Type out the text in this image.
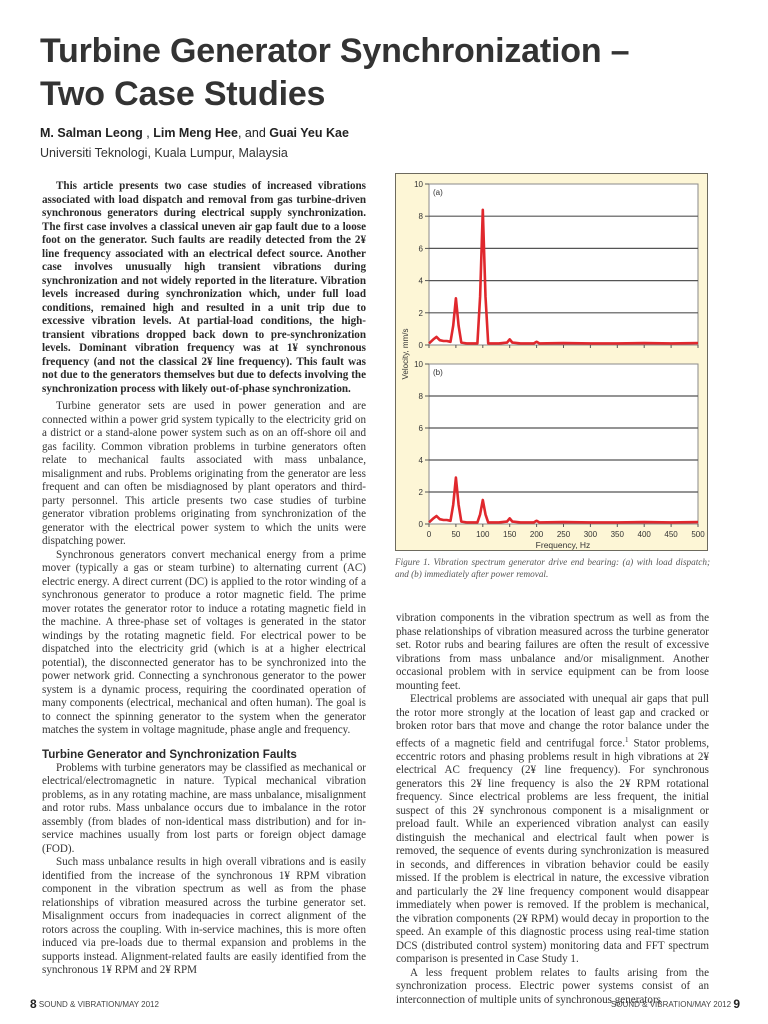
Turbine Generator Synchronization –
Two Case Studies
M. Salman Leong , Lim Meng Hee, and Guai Yeu Kae
Universiti Teknologi, Kuala Lumpur, Malaysia

This article presents two case studies of increased vibrations associated with load dispatch and removal from gas turbine-driven synchronous generators during electrical supply synchronization. The first case involves a classical uneven air gap fault due to a loose foot on the generator. Such faults are readily detected from the 2¥ line frequency associated with an electrical defect source. Another case involves unusually high transient vibrations during synchronization and not widely reported in the literature. Vibration levels increased during synchronization which, under full load conditions, remained high and resulted in a unit trip due to excessive vibration levels. At partial-load conditions, the high-transient vibrations dropped back down to pre-synchronization levels. Dominant vibration frequency was at 1¥ synchronous frequency (and not the classical 2¥ line frequency). This fault was not due to the generators themselves but due to defects involving the synchronization process with likely out-of-phase synchronization.

Turbine generator sets are used in power generation and are connected within a power grid system typically to the electricity grid on a district or a stand-alone power system such as on an off-shore oil and gas facility. Common vibration problems in turbine generators often relate to mechanical faults associated with mass unbalance, misalignment and rubs. Problems originating from the generator are less frequent and can often be misdiagnosed by plant operators and third-party personnel. This article presents two case studies of turbine generator vibration problems originating from synchronization of the generator with the electrical power system to which the units were dispatching power.

Synchronous generators convert mechanical energy from a prime mover (typically a gas or steam turbine) to alternating current (AC) electric energy. A direct current (DC) is applied to the rotor winding of a synchronous generator to produce a rotor magnetic field. The prime mover rotates the generator rotor to induce a rotating magnetic field in the machine. A three-phase set of voltages is generated in the stator windings by the rotating magnetic field. For electrical power to be dispatched into the electricity grid (which is at a higher electrical potential), the disconnected generator has to be synchronized into the power network grid. Connecting a synchronous generator to the power system is a dynamic process, requiring the coordinated operation of many components (electrical, mechanical and often human). The goal is to connect the spinning generator to the system when the generator matches the system in voltage magnitude, phase angle and frequency.

Turbine Generator and Synchronization Faults

Problems with turbine generators may be classified as mechanical or electrical/electromagnetic in nature. Typical mechanical vibration problems, as in any rotating machine, are mass unbalance, misalignment and rotor rubs. Mass unbalance occurs due to imbalance in the rotor assembly (from blades of non-identical mass distribution) and for in-service machines usually from lost parts or foreign object damage (FOD).

Such mass unbalance results in high overall vibrations and is easily identified from the increase of the synchronous 1¥ RPM vibration component in the vibration spectrum as well as from the phase relationships of vibration measured across the turbine generator set. Misalignment occurs from inadequacies in correct alignment of the rotors across the coupling. With in-service machines, this is more often induced via pre-loads due to thermal expansion and problems in the supports instead. Alignment-related faults are easily identified from the synchronous 1¥ RPM and 2¥ RPM

0
2
4
6
8
10
(a)
0
2
4
6
8
10
0	50 100 150 200 250 300 350 400 450 500
(b)
Velocity, mm/s
Frequency, Hz
Figure 1. Vibration spectrum generator drive end bearing: (a) with load dispatch; and (b) immediately after power removal.

vibration components in the vibration spectrum as well as from the phase relationships of vibration measured across the turbine generator set. Rotor rubs and bearing failures are often the result of excessive vibrations from mass unbalance and/or misalignment. Another occasional problem with in service equipment can be from loose mounting feet.

Electrical problems are associated with unequal air gaps that pull the rotor more strongly at the location of least gap and cracked or broken rotor bars that move and change the rotor balance under the effects of a magnetic field and centrifugal force.$^1$ Stator problems, eccentric rotors and phasing problems result in high vibrations at 2¥ electrical AC frequency (2¥ line frequency). For synchronous generators this 2¥ line frequency is also the 2¥ RPM rotational frequency. Since electrical problems are less frequent, the initial suspect of this 2¥ synchronous component is a misalignment or preload fault. While an experienced vibration analyst can easily distinguish the mechanical and electrical fault when power is removed, the sequence of events during synchronization is measured in seconds, and differences in vibration behavior could be easily missed. If the problem is electrical in nature, the excessive vibration and particularly the 2¥ line frequency component would disappear immediately when power is removed. If the problem is mechanical, the vibration components (2¥ RPM) would decay in proportion to the speed. An example of this diagnostic process using real-time station DCS (distributed control system) monitoring data and FFT spectrum comparison is presented in Case Study 1.

A less frequent problem relates to faults arising from the synchronization process. Electric power systems consist of an interconnection of multiple units of synchronous generators

8 SOUND & VIBRATION/MAY 2012	SOUND & VIBRATION/MAY 2012 9
